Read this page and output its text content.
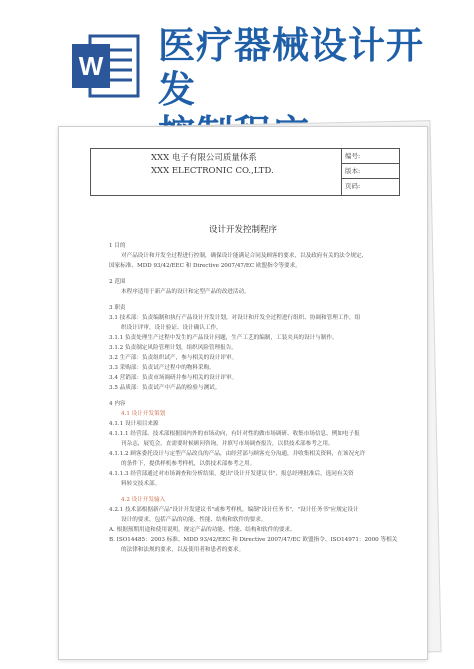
W 医疗器械设计开发
XXX 电子有限公司质量体系
XXX ELECTRONIC CO.,LTD.
编号:
版本:
页码:
设计开发控制程序
1 目的
对产品设计和开发全过程进行控制，确保设计能满足合同及顾客的要求，以及政府有关的法令规定、
国家标准、MDD 93/42/EEC 和 Directive 2007/47/EC 欧盟指令等要求。
2 范围
本程序适用于新产品的设计和定型产品的改进活动。
3 职责
3.1 技术部：负责编制和执行产品设计开发计划，对设计和开发全过程进行组织、协调和管理工作，组
织设计评审，设计验证、设计确认工作。
3.1.1 负责处理生产过程中发生的产品设计问题，生产工艺的编制，工装夹具的设计与制作。
3.1.2 负责制定风险管理计划，组织风险管理报告。
3.2 生产部：负责组织试产，参与相关的设计评审。
3.3 采购部：负责试产过程中的物料采购。
3.4 营销部：负责市场调研并参与相关的设计评审。
3.5 品质部：负责试产中产品的检验与测试。
4 内容
4.1 设计开发策划
4.1.1 设计项目来源
4.1.1.1 经营部、技术部根据国内外的市场动向，有针对性的做市场调研、收集市场信息，例如电子报
刊杂志，展览会，直需要时候顾问咨询，并填写市场调查报告，以供技术部参考之用。
4.1.1.2 顾客委托设计与定型产品改良的产品，由经营部与顾客充分沟通，并收集相关资料，在该况允许
的条件下，提供样机参考样机，以供技术部参考之用。
4.1.1.3 经营部通过对市场调查和分析结果，提出"设计开发建议书"，报总经理批准后，选同有关资
料转交技术部。
4.2 设计开发输入
4.2.1 技术部根据新产品"设计开发建议书"或参考样机，编制"设计任务书"，"设计任务书"应规定设计
设计的要求，包括产品的功能、性能、结构和软件的要求。
A. 根据预期用途和使用说明，规定产品的功能、性能、结构和软件的要求。
B. ISO14485：2003 标准、MDD 93/42/EEC 和 Directive 2007/47/EC 欧盟指令、ISO14971：2000 等相关
的法律和法规的要求，以及使用者和患者的要求。
